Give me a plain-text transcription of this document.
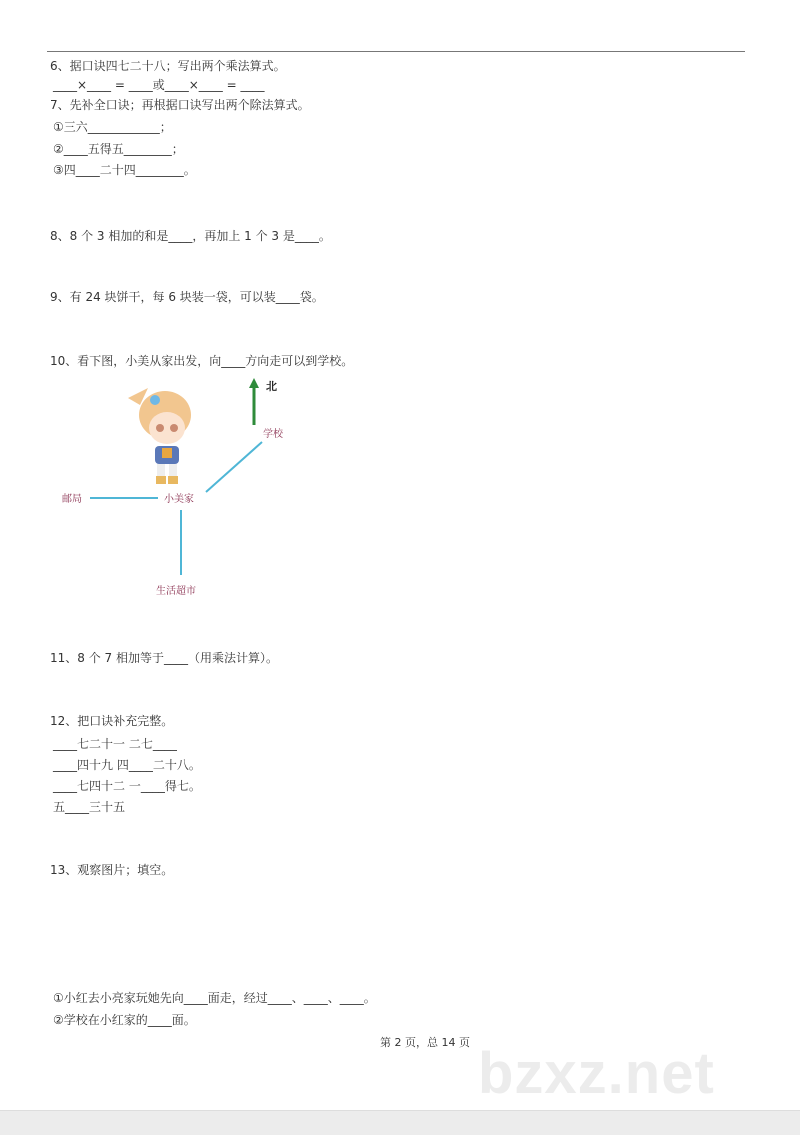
6、据口诀四七二十八；写出两个乘法算式。
____×____ = ____或____×____ = ____
7、先补全口诀；再根据口诀写出两个除法算式。
①三六____________；
②____五得五________；
③四____二十四________。
8、8 个 3 相加的和是____，再加上 1 个 3 是____。
9、有 24 块饼干，每 6 块装一袋，可以装____袋。
10、看下图，小美从家出发，向____方向走可以到学校。
北
学校
邮局	小美家
生活超市
11、8 个 7 相加等于____（用乘法计算）。
12、把口诀补充完整。
____七二十一 二七____
____四十九 四____二十八。
____七四十二 一____得七。
五____三十五
13、观察图片；填空。
bzxz.net
①小红去小亮家玩她先向____面走，经过____、____、____。
②学校在小红家的____面。
第 2 页，总 14 页
